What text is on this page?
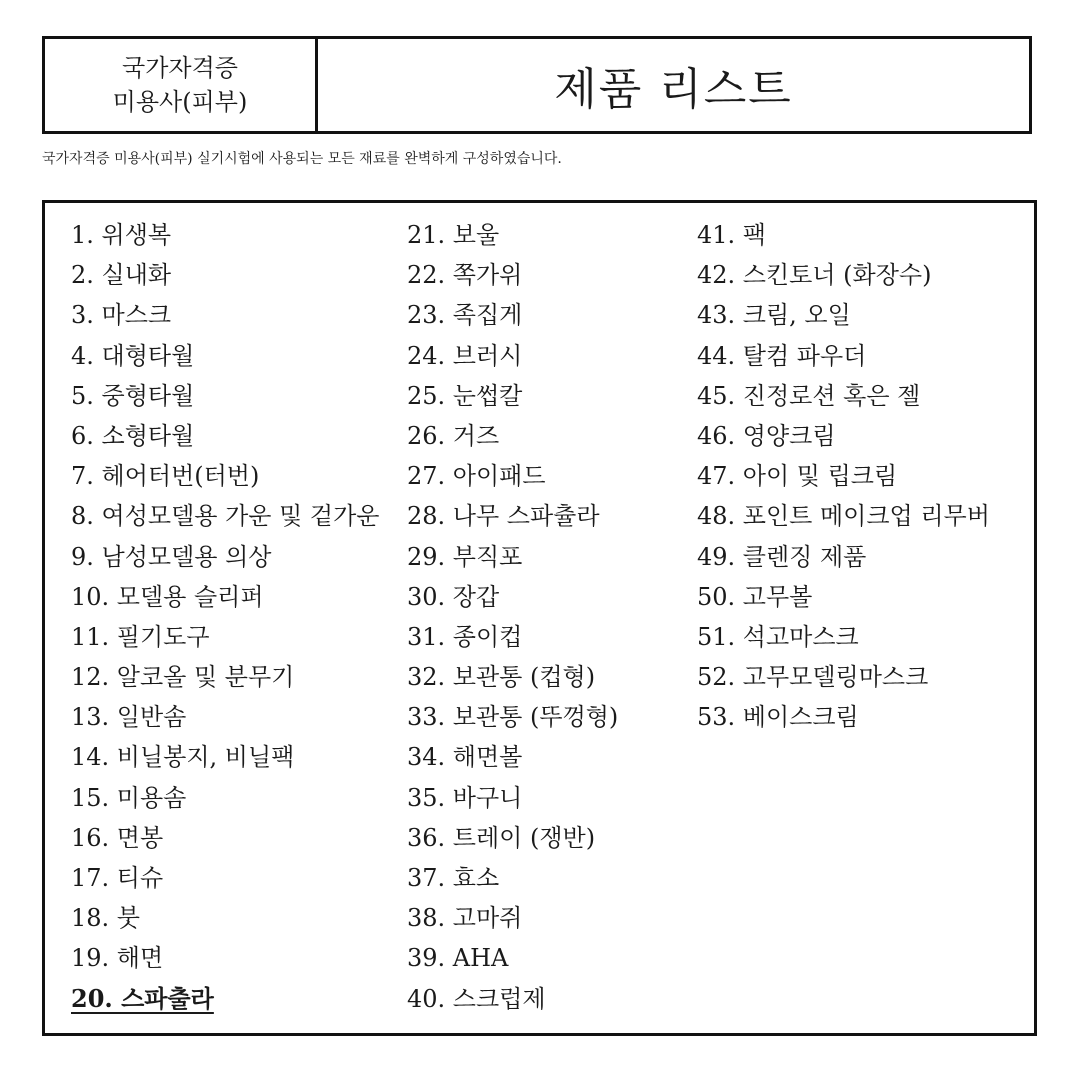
국가자격증
미용사(피부)	제품 리스트
국가자격증 미용사(피부) 실기시험에 사용되는 모든 재료를 완벽하게 구성하였습니다.
1. 위생복
2. 실내화
3. 마스크
4. 대형타월
5. 중형타월
6. 소형타월
7. 헤어터번(터번)
8. 여성모델용 가운 및 겉가운
9. 남성모델용 의상
10. 모델용 슬리퍼
11. 필기도구
12. 알코올 및 분무기
13. 일반솜
14. 비닐봉지, 비닐팩
15. 미용솜
16. 면봉
17. 티슈
18. 붓
19. 해면
20. 스파출라
21. 보울
22. 쪽가위
23. 족집게
24. 브러시
25. 눈썹칼
26. 거즈
27. 아이패드
28. 나무 스파츌라
29. 부직포
30. 장갑
31. 종이컵
32. 보관통 (컵형)
33. 보관통 (뚜껑형)
34. 해면볼
35. 바구니
36. 트레이 (쟁반)
37. 효소
38. 고마쥐
39. AHA
40. 스크럽제
41. 팩
42. 스킨토너 (화장수)
43. 크림, 오일
44. 탈컴 파우더
45. 진정로션 혹은 젤
46. 영양크림
47. 아이 및 립크림
48. 포인트 메이크업 리무버
49. 클렌징 제품
50. 고무볼
51. 석고마스크
52. 고무모델링마스크
53. 베이스크림
